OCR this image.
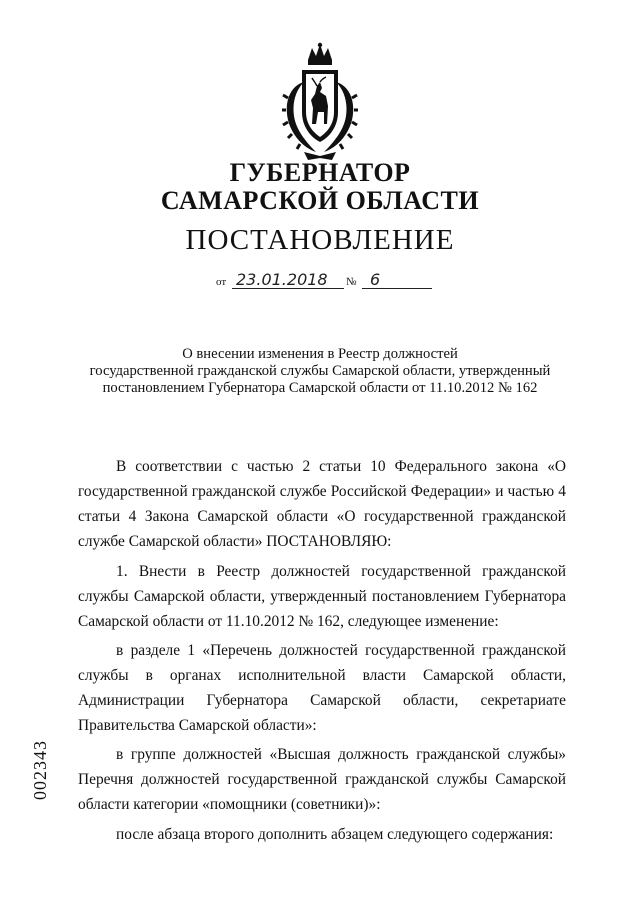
ГУБЕРНАТОР
САМАРСКОЙ ОБЛАСТИ
ПОСТАНОВЛЕНИЕ
от 23.01.2018 № 6
О внесении изменения в Реестр должностей
государственной гражданской службы Самарской области, утвержденный
постановлением Губернатора Самарской области от 11.10.2012 № 162
В соответствии с частью 2 статьи 10 Федерального закона «О государственной гражданской службе Российской Федерации» и частью 4 статьи 4 Закона Самарской области «О государственной гражданской службе Самарской области» ПОСТАНОВЛЯЮ:
1. Внести в Реестр должностей государственной гражданской службы Самарской области, утвержденный постановлением Губернатора Самарской области от 11.10.2012 № 162, следующее изменение:
в разделе 1 «Перечень должностей государственной гражданской службы в органах исполнительной власти Самарской области, Администрации Губернатора Самарской области, секретариате Правительства Самарской области»:
в группе должностей «Высшая должность гражданской службы» Перечня должностей государственной гражданской службы Самарской области категории «помощники (советники)»:
после абзаца второго дополнить абзацем следующего содержания:
002343
